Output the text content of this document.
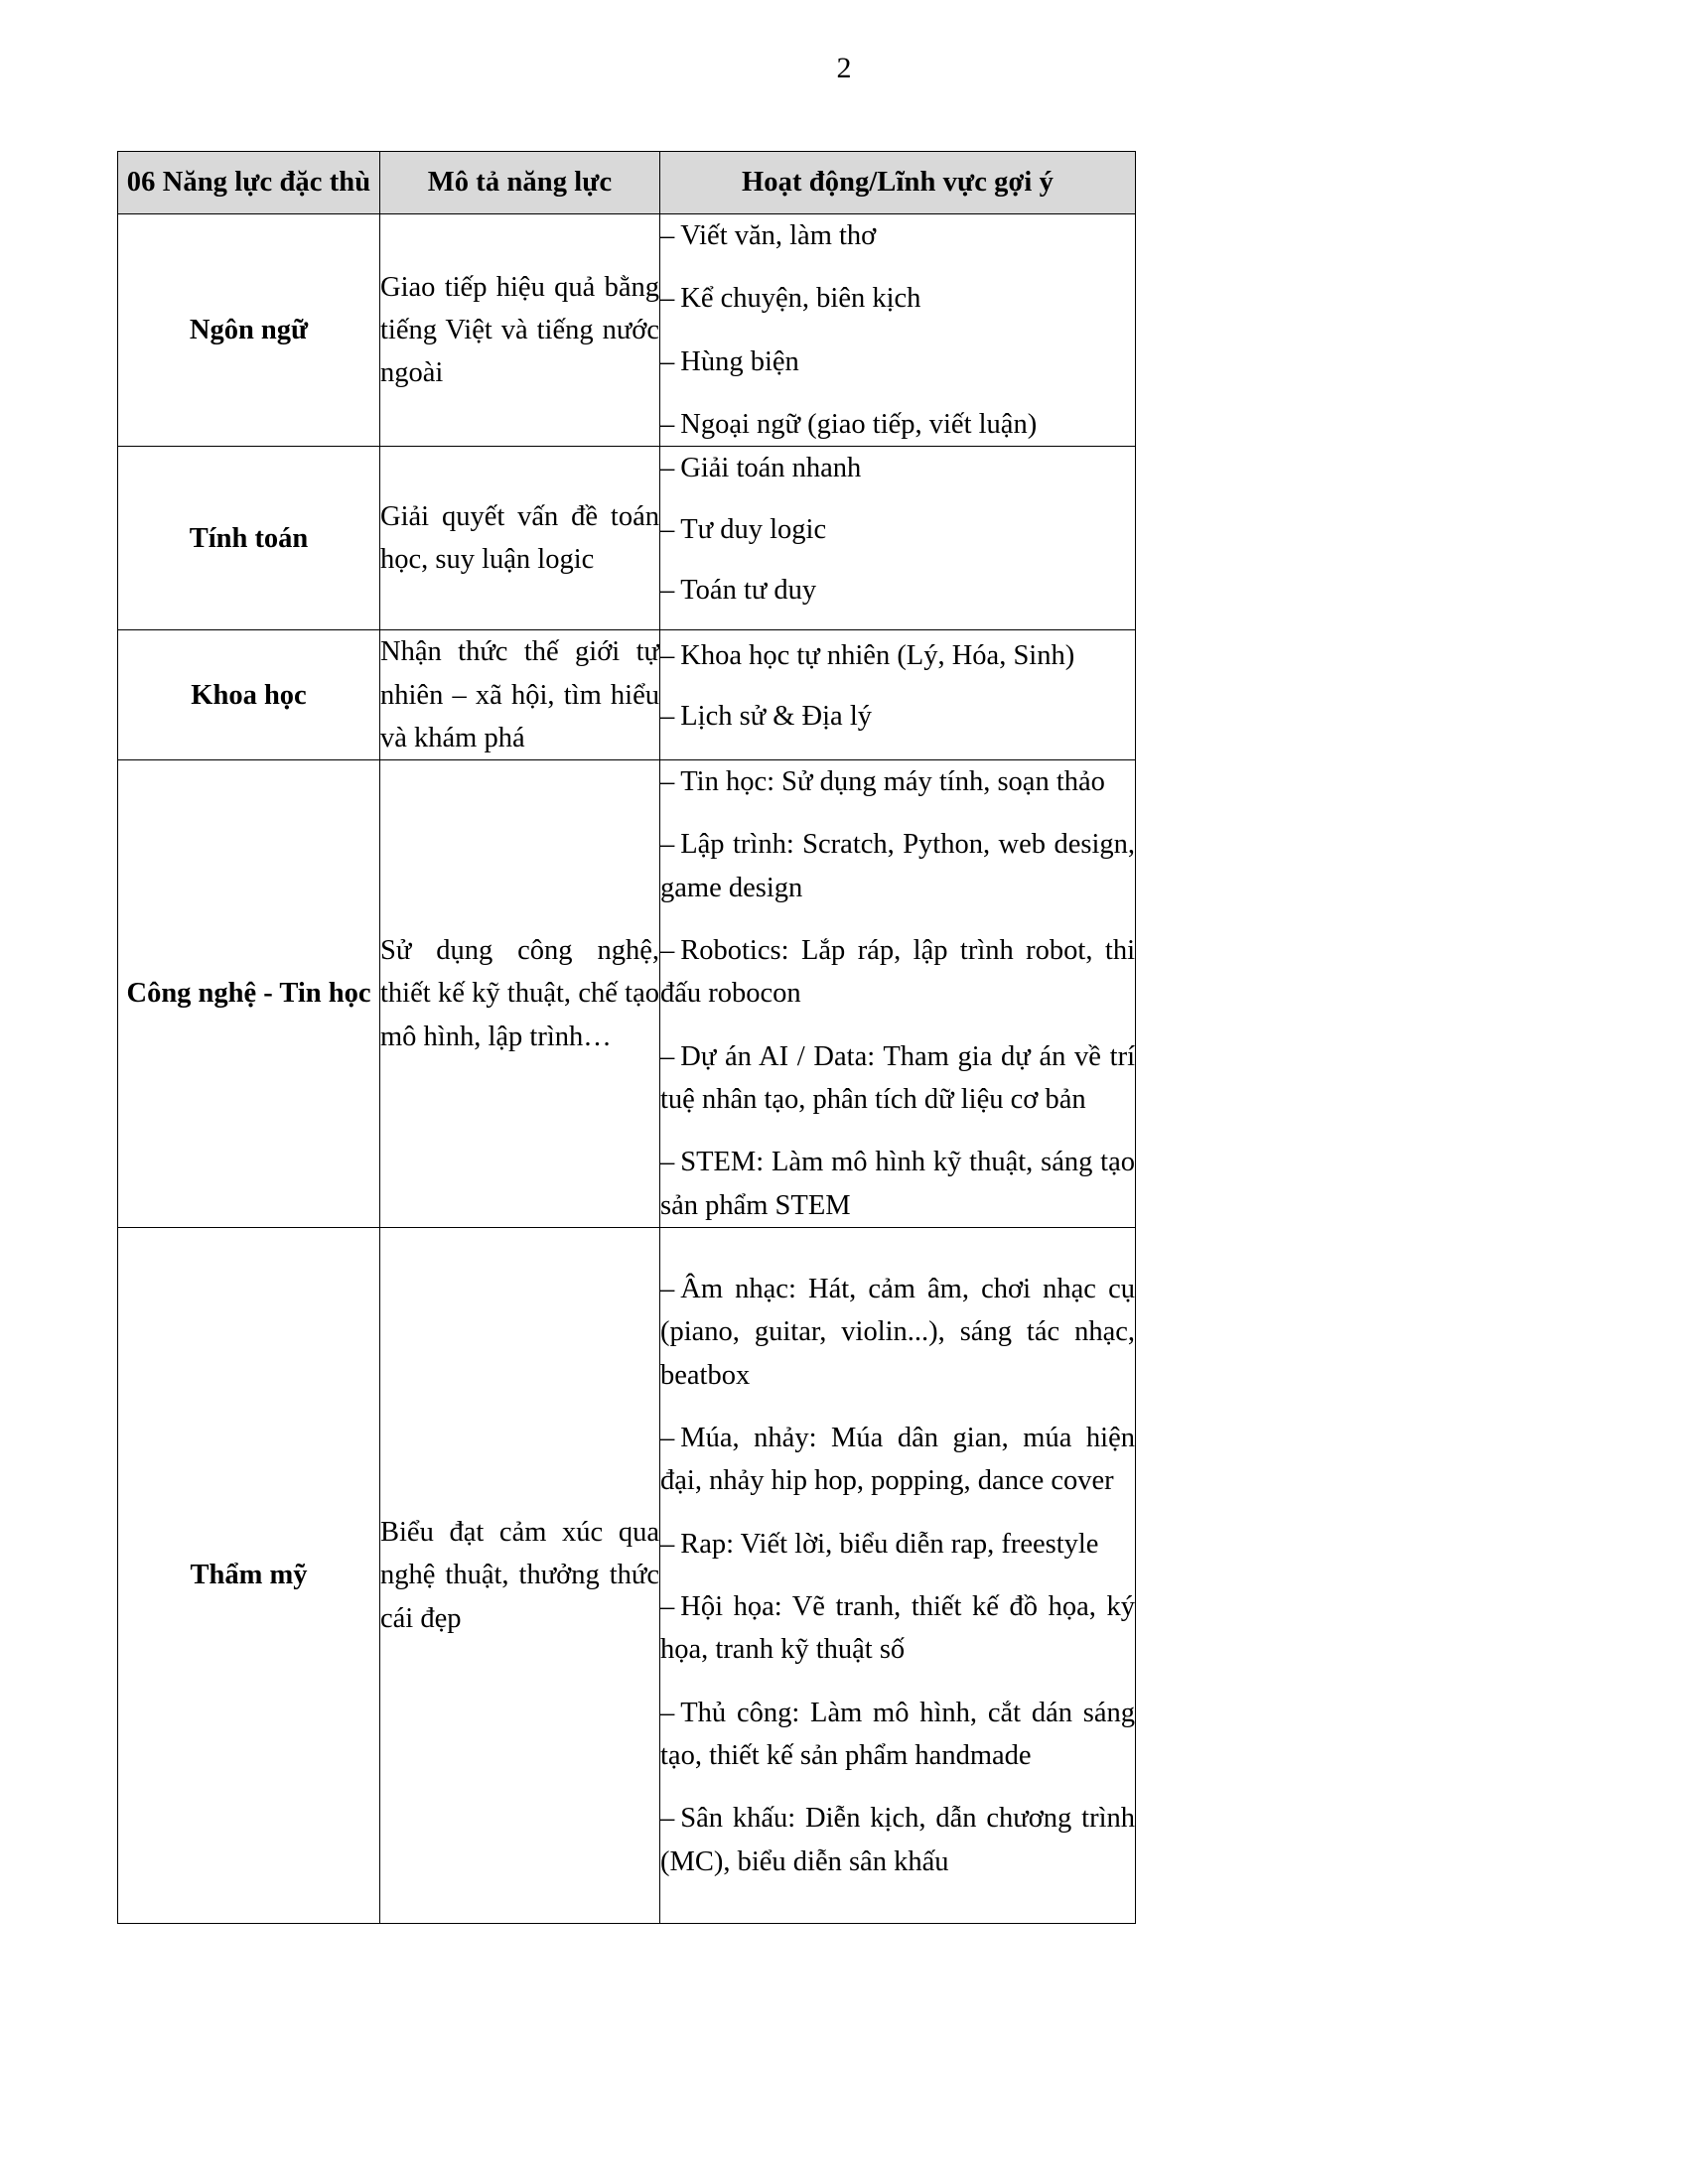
2
06 Năng lực đặc thù	Mô tả năng lực	Hoạt động/Lĩnh vực gợi ý
Ngôn ngữ	Giao tiếp hiệu quả bằng tiếng Việt và tiếng nước ngoài	
– Viết văn, làm thơ
– Kể chuyện, biên kịch
– Hùng biện
– Ngoại ngữ (giao tiếp, viết luận)

Tính toán	Giải quyết vấn đề toán học, suy luận logic	
– Giải toán nhanh
– Tư duy logic
– Toán tư duy

Khoa học	Nhận thức thế giới tự nhiên – xã hội, tìm hiểu và khám phá	
– Khoa học tự nhiên (Lý, Hóa, Sinh)
– Lịch sử & Địa lý

Công nghệ - Tin học	Sử dụng công nghệ, thiết kế kỹ thuật, chế tạo mô hình, lập trình…	
– Tin học: Sử dụng máy tính, soạn thảo
– Lập trình: Scratch, Python, web design, game design
– Robotics: Lắp ráp, lập trình robot, thi đấu robocon
– Dự án AI / Data: Tham gia dự án về trí tuệ nhân tạo, phân tích dữ liệu cơ bản
– STEM: Làm mô hình kỹ thuật, sáng tạo sản phẩm STEM

Thẩm mỹ	Biểu đạt cảm xúc qua nghệ thuật, thưởng thức cái đẹp	
– Âm nhạc: Hát, cảm âm, chơi nhạc cụ (piano, guitar, violin...), sáng tác nhạc, beatbox
– Múa, nhảy: Múa dân gian, múa hiện đại, nhảy hip hop, popping, dance cover
– Rap: Viết lời, biểu diễn rap, freestyle
– Hội họa: Vẽ tranh, thiết kế đồ họa, ký họa, tranh kỹ thuật số
– Thủ công: Làm mô hình, cắt dán sáng tạo, thiết kế sản phẩm handmade
– Sân khấu: Diễn kịch, dẫn chương trình (MC), biểu diễn sân khấu
